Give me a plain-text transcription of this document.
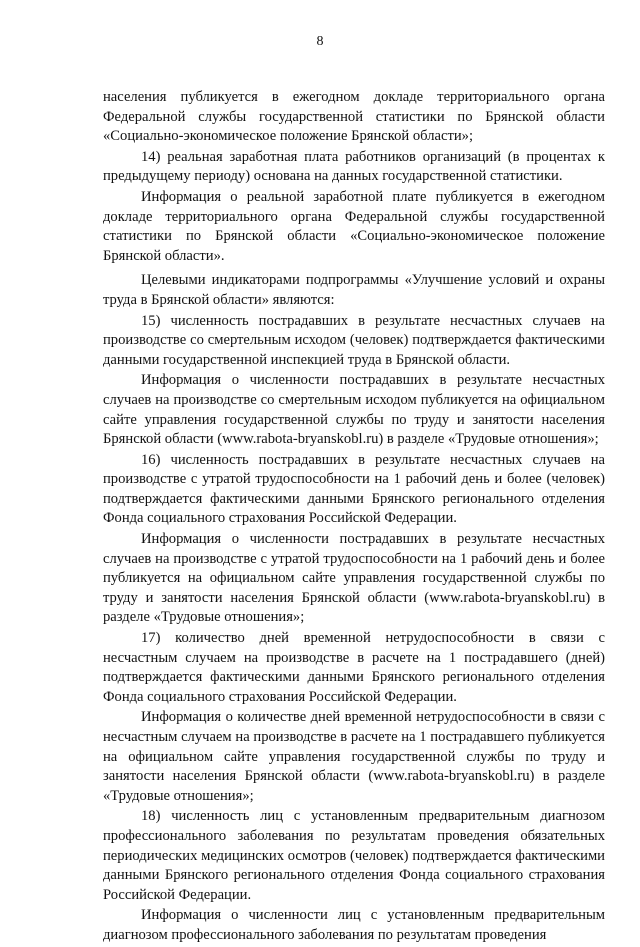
8

населения публикуется в ежегодном докладе территориального органа Федеральной службы государственной статистики по Брянской области «Социально-экономическое положение Брянской области»;

14) реальная заработная плата работников организаций (в процентах к предыдущему периоду) основана на данных государственной статистики.

Информация о реальной заработной плате публикуется в ежегодном докладе территориального органа Федеральной службы государственной статистики по Брянской области «Социально-экономическое положение Брянской области».

Целевыми индикаторами подпрограммы «Улучшение условий и охраны труда в Брянской области» являются:

15) численность пострадавших в результате несчастных случаев на производстве со смертельным исходом (человек) подтверждается фактическими данными государственной инспекцией труда в Брянской области.

Информация о численности пострадавших в результате несчастных случаев на производстве со смертельным исходом публикуется на официальном сайте управления государственной службы по труду и занятости населения Брянской области (www.rabota-bryanskobl.ru) в разделе «Трудовые отношения»;

16) численность пострадавших в результате несчастных случаев на производстве с утратой трудоспособности на 1 рабочий день и более (человек) подтверждается фактическими данными Брянского регионального отделения Фонда социального страхования Российской Федерации.

Информация о численности пострадавших в результате несчастных случаев на производстве с утратой трудоспособности на 1 рабочий день и более публикуется на официальном сайте управления государственной службы по труду и занятости населения Брянской области (www.rabota-bryanskobl.ru) в разделе «Трудовые отношения»;

17) количество дней временной нетрудоспособности в связи с несчастным случаем на производстве в расчете на 1 пострадавшего (дней) подтверждается фактическими данными Брянского регионального отделения Фонда социального страхования Российской Федерации.

Информация о количестве дней временной нетрудоспособности в связи с несчастным случаем на производстве в расчете на 1 пострадавшего публикуется на официальном сайте управления государственной службы по труду и занятости населения Брянской области (www.rabota-bryanskobl.ru) в разделе «Трудовые отношения»;

18) численность лиц с установленным предварительным диагнозом профессионального заболевания по результатам проведения обязательных периодических медицинских осмотров (человек) подтверждается фактическими данными Брянского регионального отделения Фонда социального страхования Российской Федерации.

Информация о численности лиц с установленным предварительным диагнозом профессионального заболевания по результатам проведения
